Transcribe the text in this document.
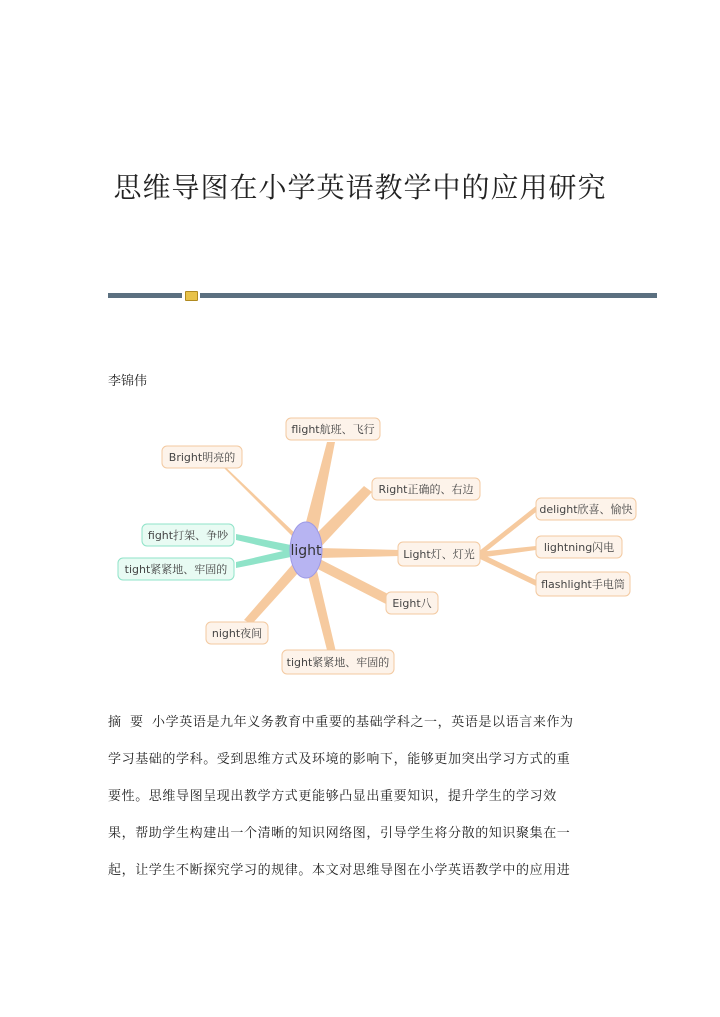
思维导图在小学英语教学中的应用研究
李锦伟
light
flight航班、飞行
Bright明亮的
Right正确的、右边
fight打架、争吵
tight紧紧地、牢固的
Light灯、灯光
Eight八
night夜间
tight紧紧地、牢固的
delight欣喜、愉快
lightning闪电
flashlight手电筒
摘 要 小学英语是九年义务教育中重要的基础学科之一，英语是以语言来作为
学习基础的学科。受到思维方式及环境的影响下，能够更加突出学习方式的重
要性。思维导图呈现出教学方式更能够凸显出重要知识，提升学生的学习效
果，帮助学生构建出一个清晰的知识网络图，引导学生将分散的知识聚集在一
起，让学生不断探究学习的规律。本文对思维导图在小学英语教学中的应用进
